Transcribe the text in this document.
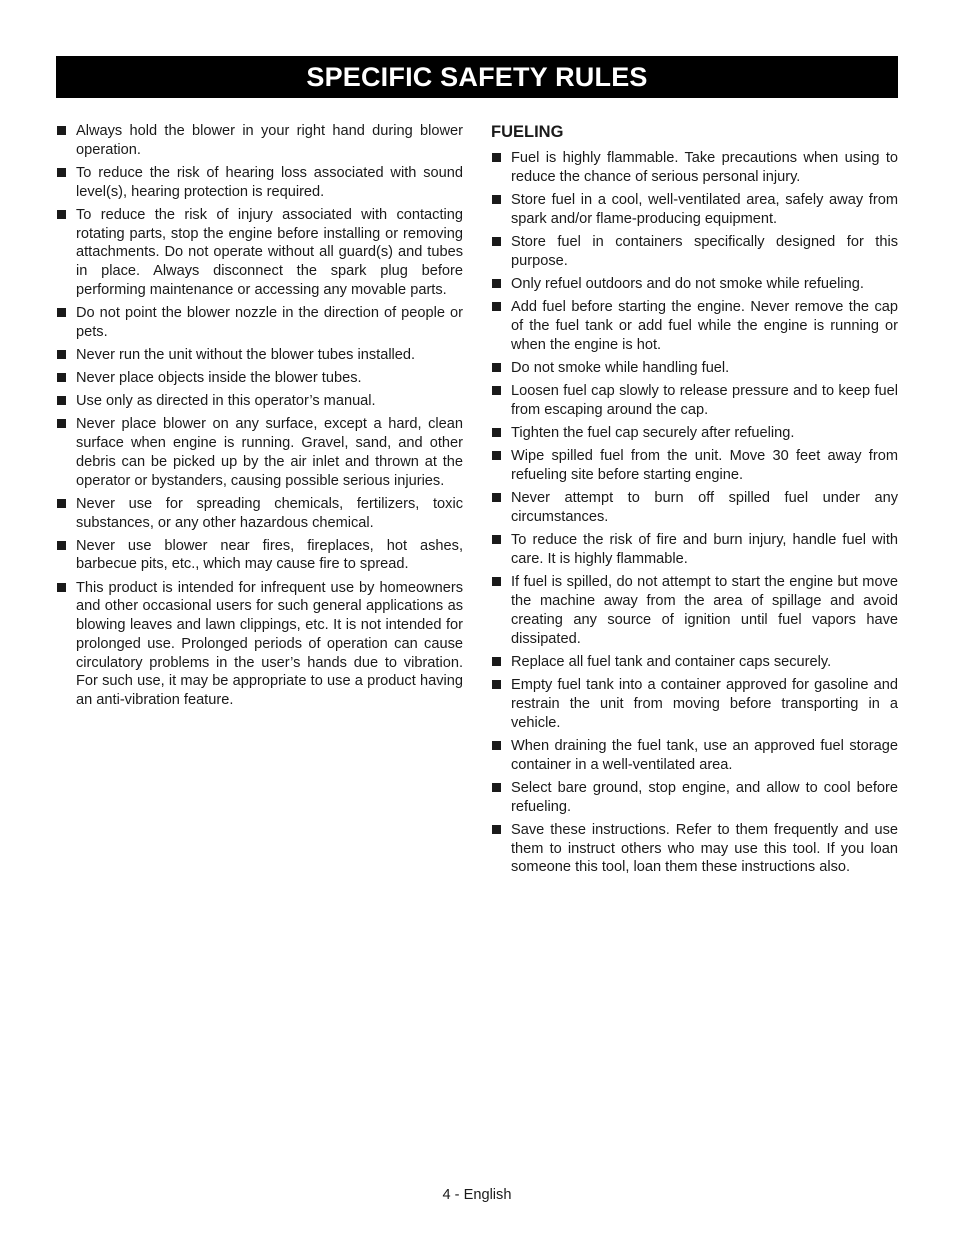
SPECIFIC SAFETY RULES
Always hold the blower in your right hand during blower operation.
To reduce the risk of hearing loss associated with sound level(s), hearing protection is required.
To reduce the risk of injury associated with contacting rotating parts, stop the engine before installing or removing attachments. Do not operate without all guard(s) and tubes in place. Always disconnect the spark plug before performing maintenance or accessing any movable parts.
Do not point the blower nozzle in the direction of people or pets.
Never run the unit without the blower tubes installed.
Never place objects inside the blower tubes.
Use only as directed in this operator’s manual.
Never place blower on any surface, except a hard, clean surface when engine is running. Gravel, sand, and other debris can be picked up by the air inlet and thrown at the operator or bystanders, causing possible serious injuries.
Never use for spreading chemicals, fertilizers, toxic substances, or any other hazardous chemical.
Never use blower near fires, fireplaces, hot ashes, barbecue pits, etc., which may cause fire to spread.
This product is intended for infrequent use by homeowners and other occasional users for such general applications as blowing leaves and lawn clippings, etc. It is not intended for prolonged use. Prolonged periods of operation can cause circulatory problems in the user’s hands due to vibration. For such use, it may be appropriate to use a product having an anti-vibration feature.
FUELING
Fuel is highly flammable. Take precautions when using to reduce the chance of serious personal injury.
Store fuel in a cool, well-ventilated area, safely away from spark and/or flame-producing equipment.
Store fuel in containers specifically designed for this purpose.
Only refuel outdoors and do not smoke while refueling.
Add fuel before starting the engine. Never remove the cap of the fuel tank or add fuel while the engine is running or when the engine is hot.
Do not smoke while handling fuel.
Loosen fuel cap slowly to release pressure and to keep fuel from escaping around the cap.
Tighten the fuel cap securely after refueling.
Wipe spilled fuel from the unit. Move 30 feet away from refueling site before starting engine.
Never attempt to burn off spilled fuel under any circumstances.
To reduce the risk of fire and burn injury, handle fuel with care. It is highly flammable.
If fuel is spilled, do not attempt to start the engine but move the machine away from the area of spillage and avoid creating any source of ignition until fuel vapors have dissipated.
Replace all fuel tank and container caps securely.
Empty fuel tank into a container approved for gasoline and restrain the unit from moving before transporting in a vehicle.
When draining the fuel tank, use an approved fuel storage container in a well-ventilated area.
Select bare ground, stop engine, and allow to cool before refueling.
Save these instructions. Refer to them frequently and use them to instruct others who may use this tool. If you loan someone this tool, loan them these instructions also.
4 - English
